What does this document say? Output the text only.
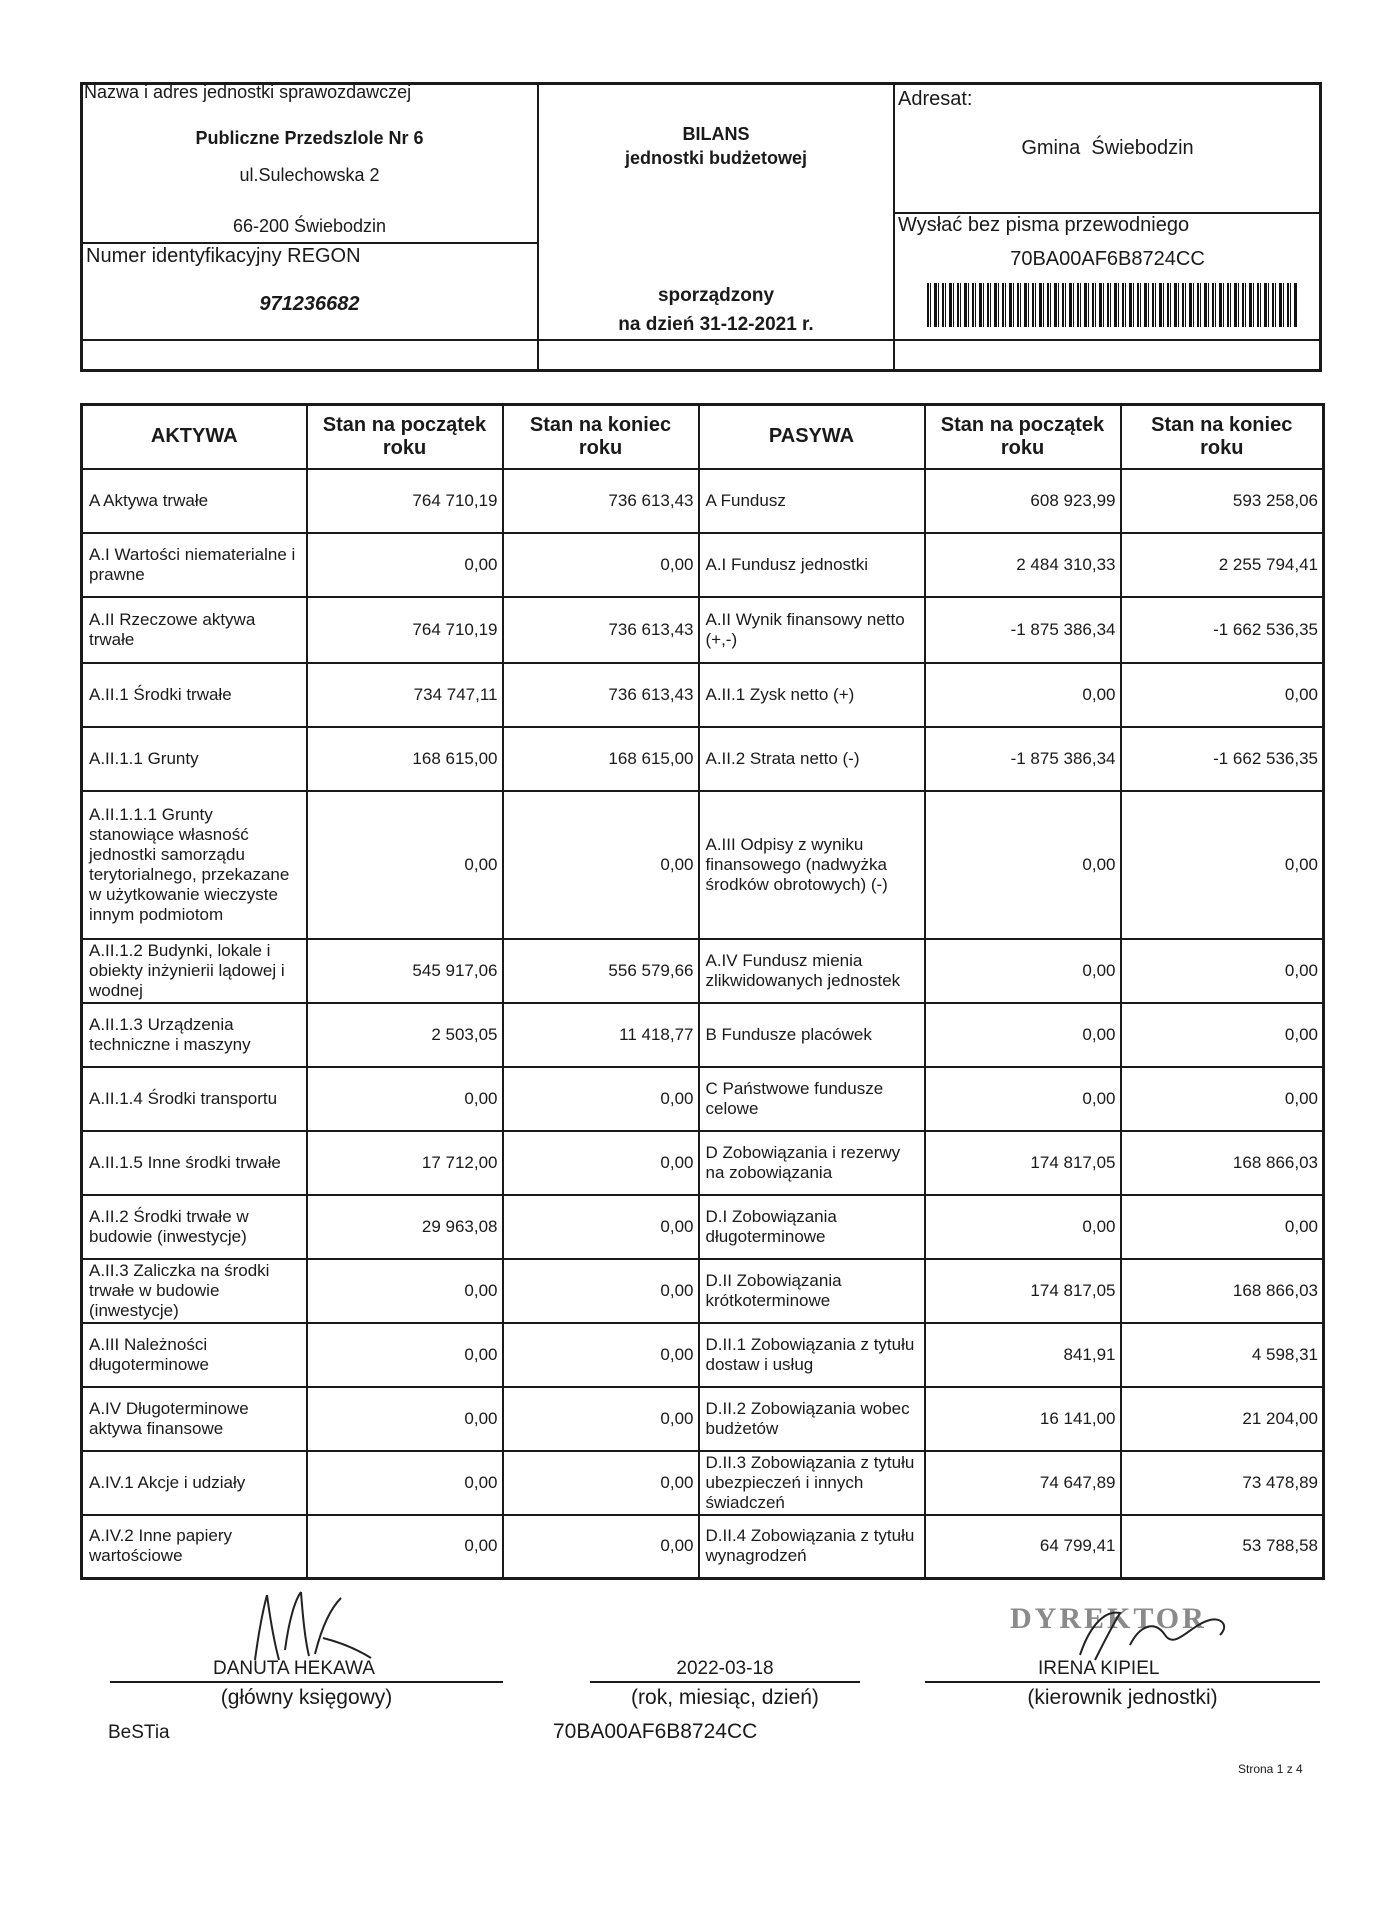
Nazwa i adres jednostki sprawozdawczej
Publiczne Przedszlole Nr 6
ul.Sulechowska 2
66-200 Świebodzin
Numer identyfikacyjny REGON
971236682
BILANS
jednostki budżetowej
sporządzony
na dzień 31-12-2021 r.
Adresat:
Gmina  Świebodzin
Wysłać bez pisma przewodniego
70BA00AF6B8724CC
AKTYWA	Stan na początek roku	Stan na koniec roku	PASYWA	Stan na początek roku	Stan na koniec roku
A Aktywa trwałe	764 710,19	736 613,43	A Fundusz	608 923,99	593 258,06
A.I Wartości niematerialne i prawne	0,00	0,00	A.I Fundusz jednostki	2 484 310,33	2 255 794,41
A.II Rzeczowe aktywa trwałe	764 710,19	736 613,43	A.II Wynik finansowy netto (+,-)	-1 875 386,34	-1 662 536,35
A.II.1 Środki trwałe	734 747,11	736 613,43	A.II.1 Zysk netto (+)	0,00	0,00
A.II.1.1 Grunty	168 615,00	168 615,00	A.II.2 Strata netto (-)	-1 875 386,34	-1 662 536,35
A.II.1.1.1 Grunty stanowiące własność jednostki samorządu terytorialnego, przekazane w użytkowanie wieczyste innym podmiotom	0,00	0,00	A.III Odpisy z wyniku finansowego (nadwyżka środków obrotowych) (-)	0,00	0,00
A.II.1.2 Budynki, lokale i obiekty inżynierii lądowej i wodnej	545 917,06	556 579,66	A.IV Fundusz mienia zlikwidowanych jednostek	0,00	0,00
A.II.1.3 Urządzenia techniczne i maszyny	2 503,05	11 418,77	B Fundusze placówek	0,00	0,00
A.II.1.4 Środki transportu	0,00	0,00	C Państwowe fundusze celowe	0,00	0,00
A.II.1.5 Inne środki trwałe	17 712,00	0,00	D Zobowiązania i rezerwy na zobowiązania	174 817,05	168 866,03
A.II.2 Środki trwałe w budowie (inwestycje)	29 963,08	0,00	D.I Zobowiązania długoterminowe	0,00	0,00
A.II.3 Zaliczka na środki trwałe w budowie (inwestycje)	0,00	0,00	D.II Zobowiązania krótkoterminowe	174 817,05	168 866,03
A.III Należności długoterminowe	0,00	0,00	D.II.1 Zobowiązania z tytułu dostaw i usług	841,91	4 598,31
A.IV Długoterminowe aktywa finansowe	0,00	0,00	D.II.2 Zobowiązania wobec budżetów	16 141,00	21 204,00
A.IV.1 Akcje i udziały	0,00	0,00	D.II.3 Zobowiązania z tytułu ubezpieczeń i innych świadczeń	74 647,89	73 478,89
A.IV.2 Inne papiery wartościowe	0,00	0,00	D.II.4 Zobowiązania z tytułu wynagrodzeń	64 799,41	53 788,58
DANUTA HEKAWA
(główny księgowy)
2022-03-18
(rok, miesiąc, dzień)
70BA00AF6B8724CC
DYREKTOR
IRENA KIPIEL
(kierownik jednostki)
BeSTia
Strona 1 z 4
